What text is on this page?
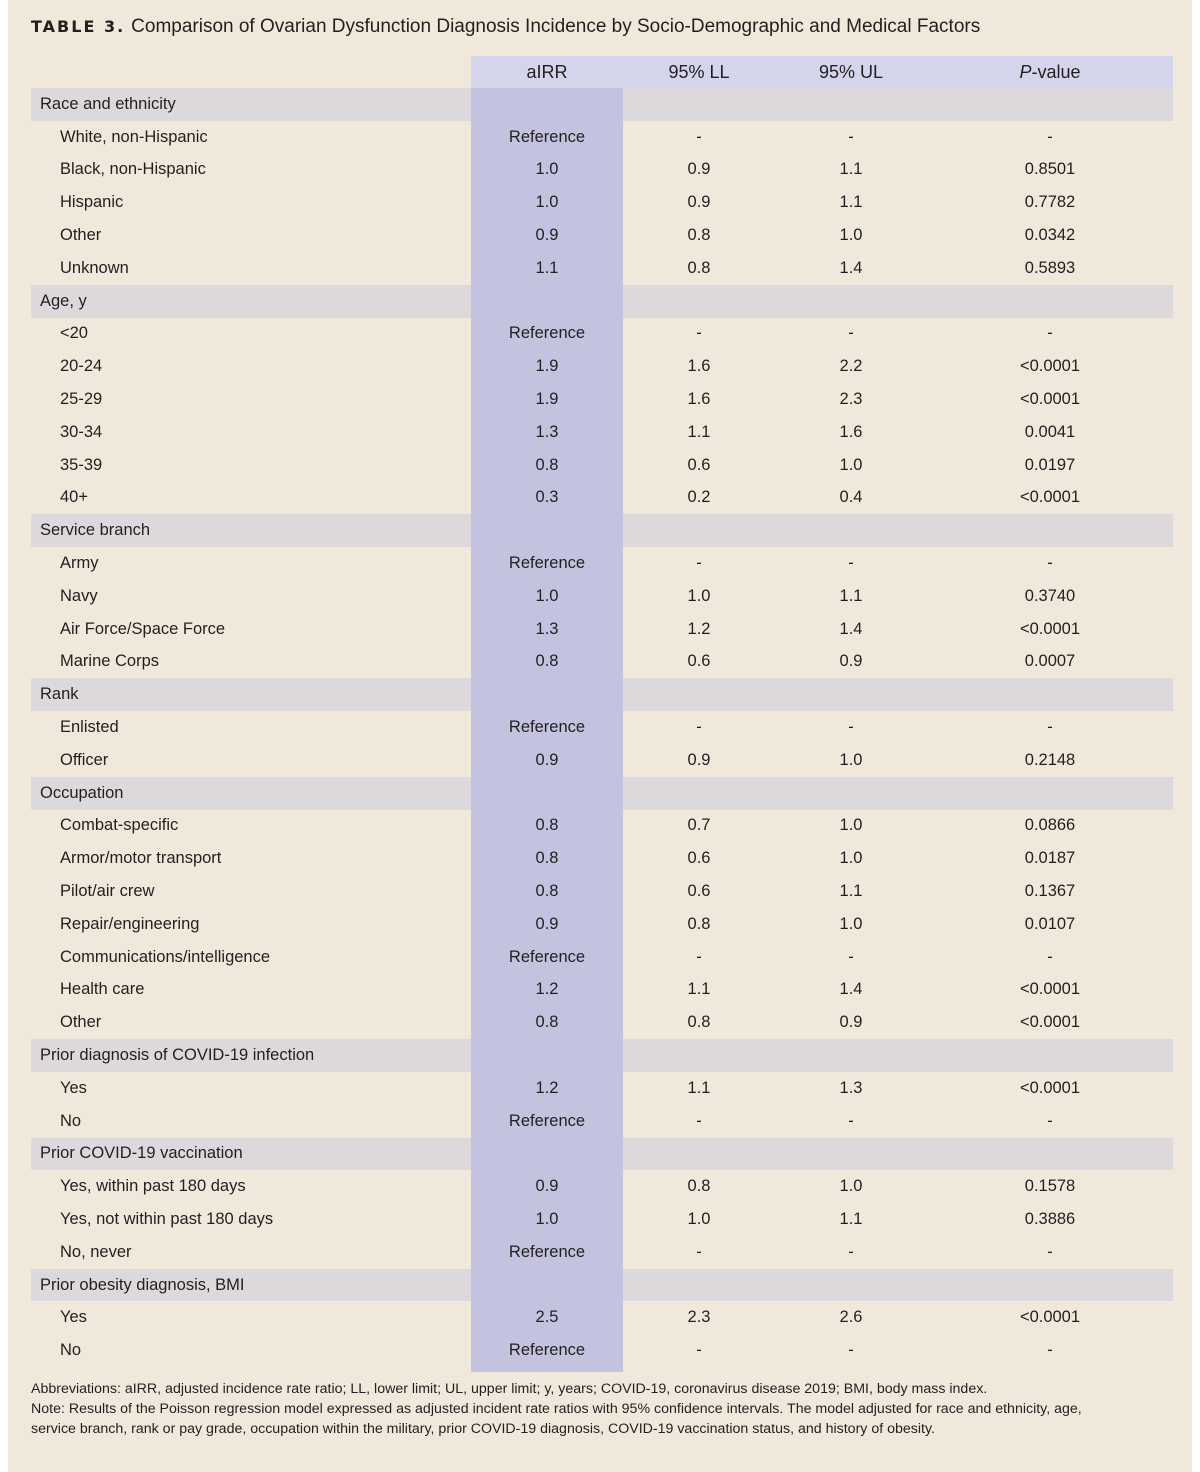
TABLE 3. Comparison of Ovarian Dysfunction Diagnosis Incidence by Socio-Demographic and Medical Factors
aIRR	95% LL	95% UL	P -value
Race and ethnicity
White, non-Hispanic	Reference	-	-	-
Black, non-Hispanic	1.0	0.9	1.1	0.8501
Hispanic	1.0	0.9	1.1	0.7782
Other	0.9	0.8	1.0	0.0342
Unknown	1.1	0.8	1.4	0.5893
Age, y
<20	Reference	-	-	-
20-24	1.9	1.6	2.2	<0.0001
25-29	1.9	1.6	2.3	<0.0001
30-34	1.3	1.1	1.6	0.0041
35-39	0.8	0.6	1.0	0.0197
40+	0.3	0.2	0.4	<0.0001
Service branch
Army	Reference	-	-	-
Navy	1.0	1.0	1.1	0.3740
Air Force/Space Force	1.3	1.2	1.4	<0.0001
Marine Corps	0.8	0.6	0.9	0.0007
Rank
Enlisted	Reference	-	-	-
Officer	0.9	0.9	1.0	0.2148
Occupation
Combat-specific	0.8	0.7	1.0	0.0866
Armor/motor transport	0.8	0.6	1.0	0.0187
Pilot/air crew	0.8	0.6	1.1	0.1367
Repair/engineering	0.9	0.8	1.0	0.0107
Communications/intelligence	Reference	-	-	-
Health care	1.2	1.1	1.4	<0.0001
Other	0.8	0.8	0.9	<0.0001
Prior diagnosis of COVID-19 infection
Yes	1.2	1.1	1.3	<0.0001
No	Reference	-	-	-
Prior COVID-19 vaccination
Yes, within past 180 days	0.9	0.8	1.0	0.1578
Yes, not within past 180 days	1.0	1.0	1.1	0.3886
No, never	Reference	-	-	-
Prior obesity diagnosis, BMI
Yes	2.5	2.3	2.6	<0.0001
No	Reference	-	-	-
Abbreviations: aIRR, adjusted incidence rate ratio; LL, lower limit; UL, upper limit; y, years; COVID-19, coronavirus disease 2019; BMI, body mass index.
Note: Results of the Poisson regression model expressed as adjusted incident rate ratios with 95% confidence intervals. The model adjusted for race and ethnicity, age,
service branch, rank or pay grade, occupation within the military, prior COVID-19 diagnosis, COVID-19 vaccination status, and history of obesity.
